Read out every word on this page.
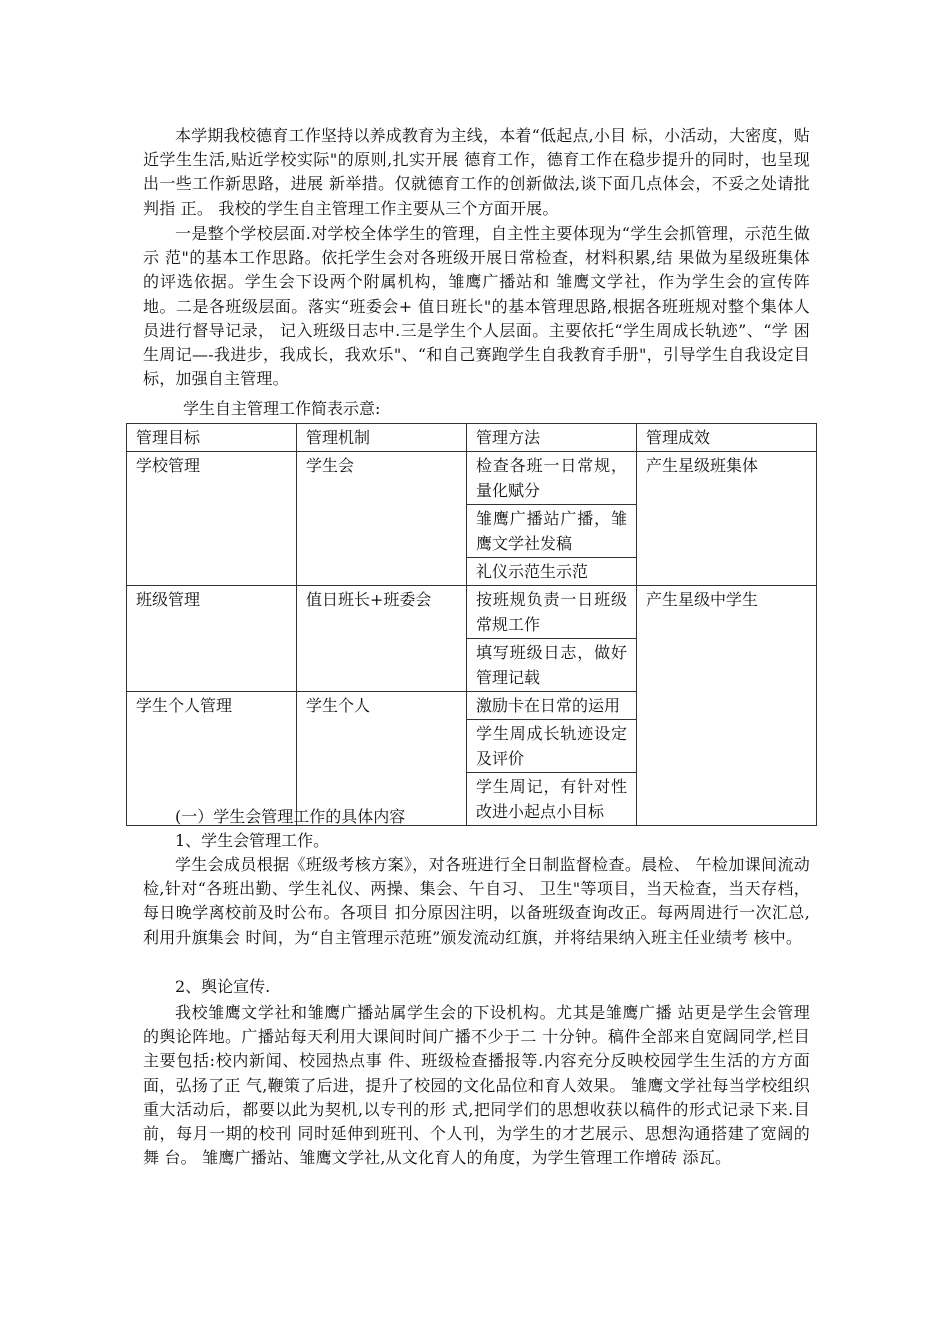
本学期我校德育工作坚持以养成教育为主线，本着“低起点,小目 标，小活动，大密度，贴近学生生活,贴近学校实际"的原则,扎实开展 德育工作，德育工作在稳步提升的同时，也呈现出一些工作新思路，进展 新举措。仅就德育工作的创新做法,谈下面几点体会，不妥之处请批判指 正。 我校的学生自主管理工作主要从三个方面开展。

一是整个学校层面.对学校全体学生的管理，自主性主要体现为“学生会抓管理，示范生做示 范"的基本工作思路。依托学生会对各班级开展日常检查，材料积累,结 果做为星级班集体的评选依据。学生会下设两个附属机构，雏鹰广播站和 雏鹰文学社，作为学生会的宣传阵地。二是各班级层面。落实“班委会+ 值日班长"的基本管理思路,根据各班班规对整个集体人员进行督导记录， 记入班级日志中.三是学生个人层面。主要依托“学生周成长轨迹”、“学 困生周记—-我进步，我成长，我欢乐"、“和自己赛跑学生自我教育手册"，引导学生自我设定目标，加强自主管理。

学生自主管理工作简表示意:

管理目标	管理机制	管理方法	管理成效
学校管理	学生会	检查各班一日常规，量化赋分	产生星级班集体
		雏鹰广播站广播，雏鹰文学社发稿	
		礼仪示范生示范	
班级管理	值日班长+班委会	按班规负责一日班级常规工作	产生星级中学生
		填写班级日志，做好管理记载	
学生个人管理	学生个人	激励卡在日常的运用	
		学生周成长轨迹设定及评价	
		学生周记，有针对性改进小起点小目标	

(一）学生会管理工作的具体内容

1、学生会管理工作。

学生会成员根据《班级考核方案》，对各班进行全日制监督检查。晨检、 午检加课间流动检,针对“各班出勤、学生礼仪、两操、集会、午自习、 卫生"等项目，当天检查，当天存档，每日晚学离校前及时公布。各项目 扣分原因注明，以备班级查询改正。每两周进行一次汇总,利用升旗集会 时间，为“自主管理示范班”颁发流动红旗，并将结果纳入班主任业绩考 核中。

2、舆论宣传.

我校雏鹰文学社和雏鹰广播站属学生会的下设机构。尤其是雏鹰广播 站更是学生会管理的舆论阵地。广播站每天利用大课间时间广播不少于二 十分钟。稿件全部来自宽阔同学,栏目主要包括:校内新闻、校园热点事 件、班级检查播报等.内容充分反映校园学生生活的方方面面，弘扬了正 气,鞭策了后进，提升了校园的文化品位和育人效果。 雏鹰文学社每当学校组织重大活动后，都要以此为契机,以专刊的形 式,把同学们的思想收获以稿件的形式记录下来.目前，每月一期的校刊 同时延伸到班刊、个人刊，为学生的才艺展示、思想沟通搭建了宽阔的舞 台。 雏鹰广播站、雏鹰文学社,从文化育人的角度，为学生管理工作增砖 添瓦。
